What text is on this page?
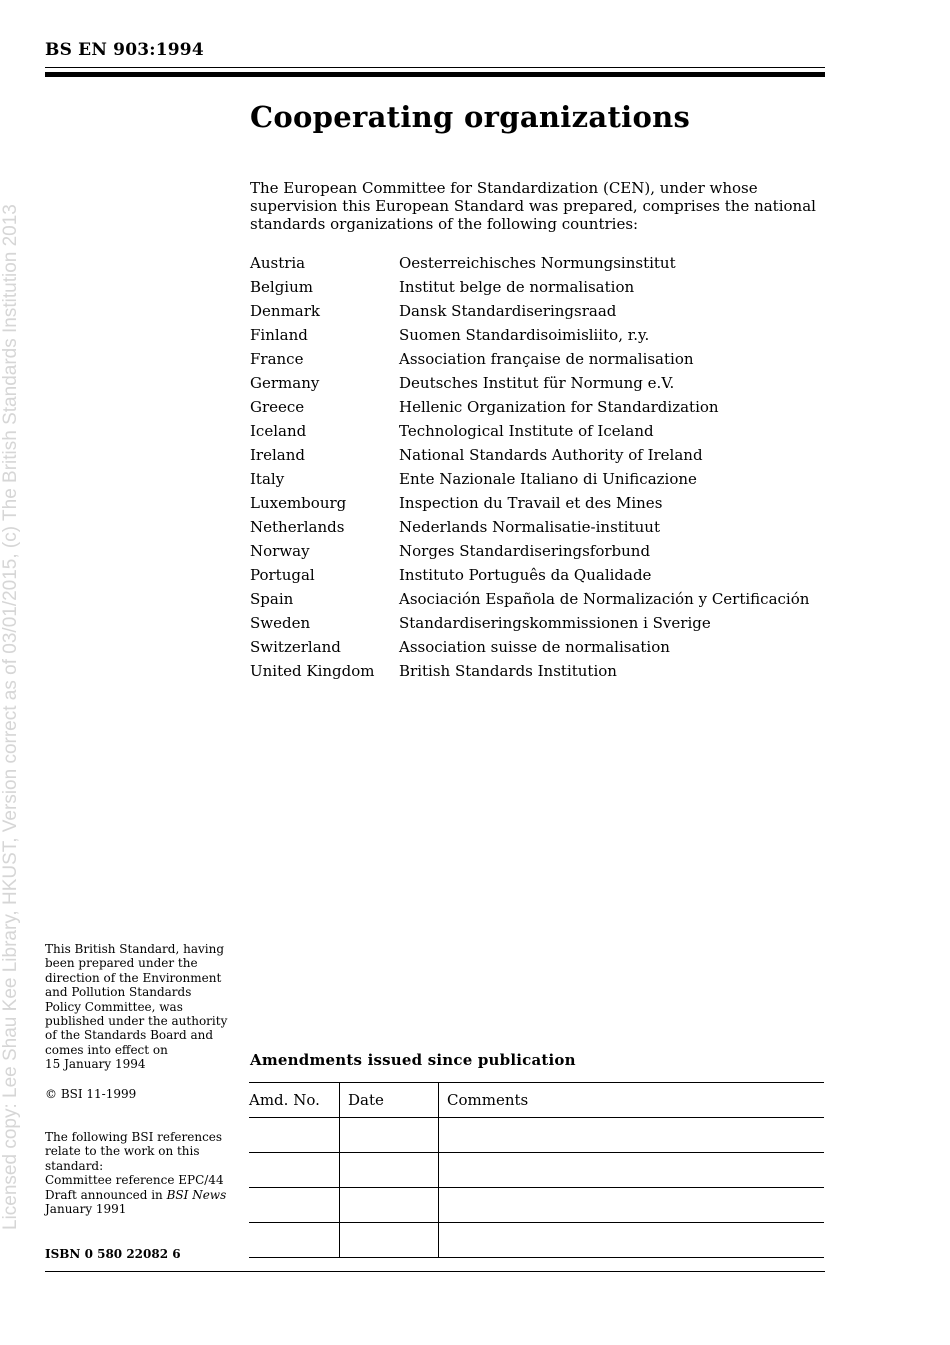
BS EN 903:1994
Licensed copy: Lee Shau Kee Library, HKUST, Version correct as of 03/01/2015, (c) The British Standards Institution 2013
Cooperating organizations

The European Committee for Standardization (CEN), under whose supervision this European Standard was prepared, comprises the national standards organizations of the following countries:

Austria	Oesterreichisches Normungsinstitut
Belgium	Institut belge de normalisation
Denmark	Dansk Standardiseringsraad
Finland	Suomen Standardisoimisliito, r.y.
France	Association française de normalisation
Germany	Deutsches Institut für Normung e.V.
Greece	Hellenic Organization for Standardization
Iceland	Technological Institute of Iceland
Ireland	National Standards Authority of Ireland
Italy	Ente Nazionale Italiano di Unificazione
Luxembourg	Inspection du Travail et des Mines
Netherlands	Nederlands Normalisatie-instituut
Norway	Norges Standardiseringsforbund
Portugal	Instituto Português da Qualidade
Spain	Asociación Española de Normalización y Certificación
Sweden	Standardiseringskommissionen i Sverige
Switzerland	Association suisse de normalisation
United Kingdom	British Standards Institution

This British Standard, having been prepared under the direction of the Environment and Pollution Standards Policy Committee, was published under the authority of the Standards Board and comes into effect on

15 January 1994

© BSI 11-1999

The following BSI references relate to the work on this standard:

Committee reference EPC/44

Draft announced in BSI News

January 1991

ISBN 0 580 22082 6
Amendments issued since publication
Amd. No.	Date	Comments
